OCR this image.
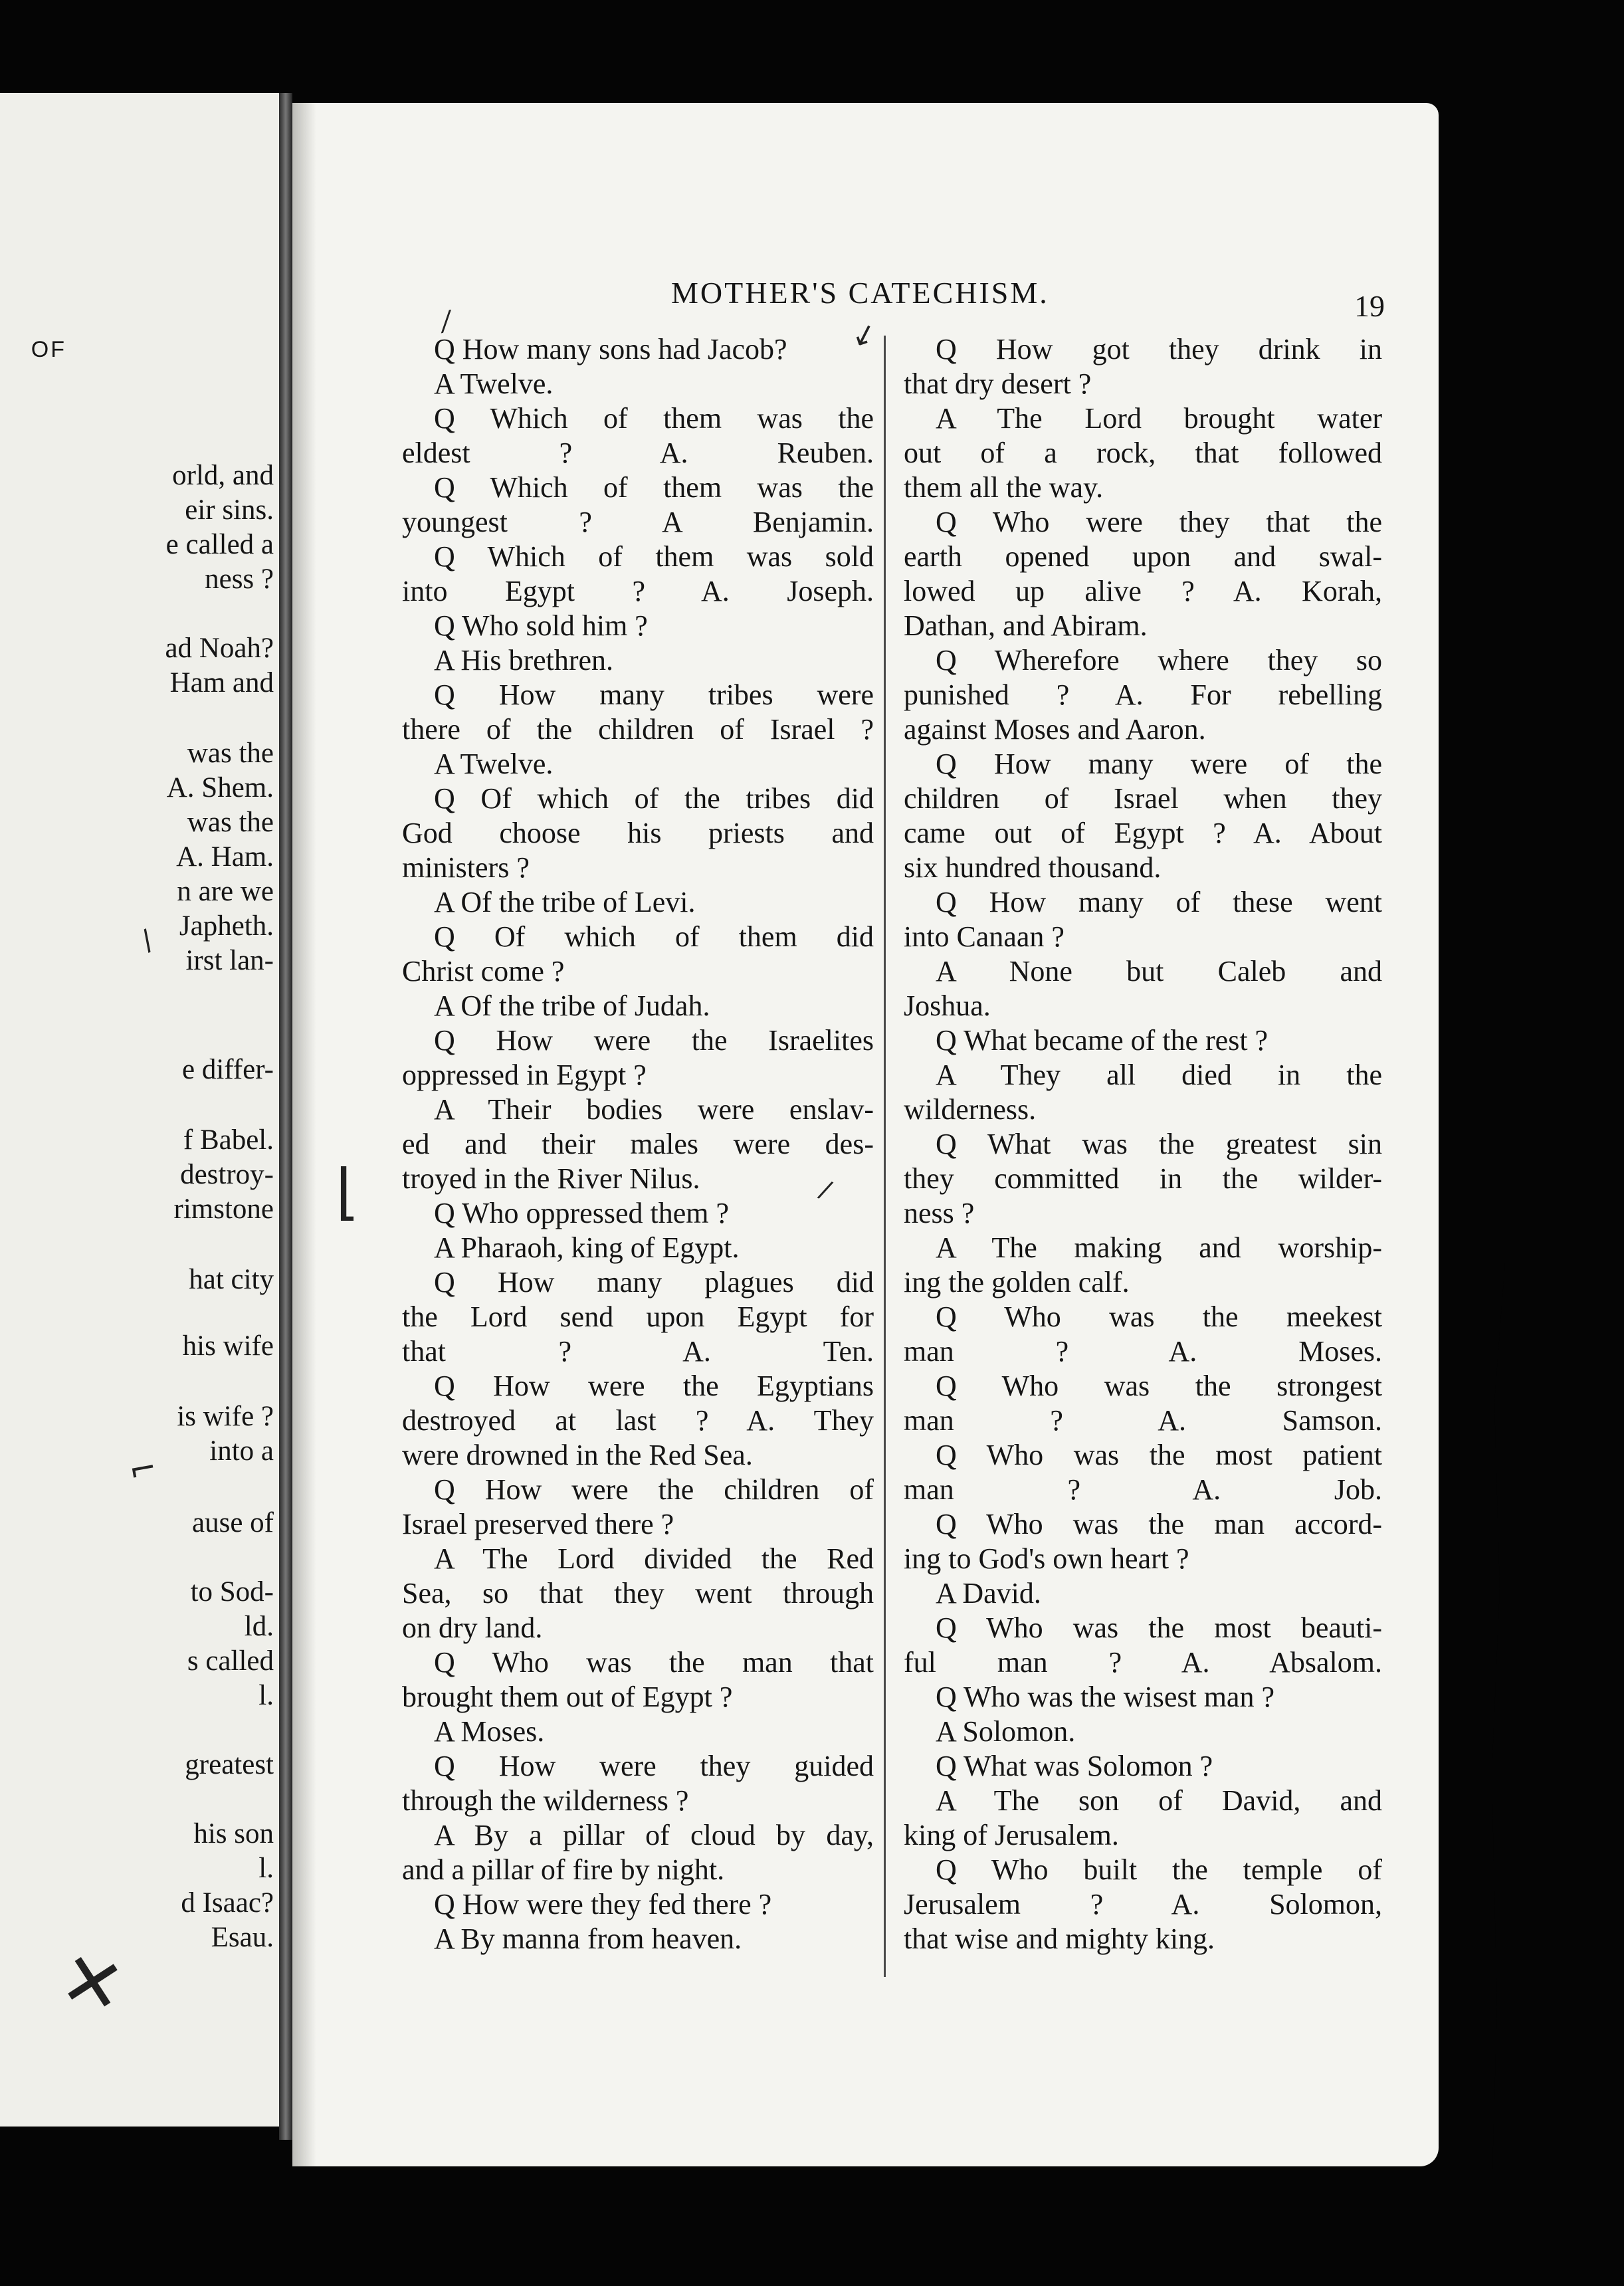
OF
orld, and
eir sins.
e called a
ness ?
ad Noah?
Ham and
was the
A. Shem.
was the
A. Ham.
n are we
Japheth.
irst lan-
e differ-
f Babel.
destroy-
rimstone
hat city
his wife
is wife ?
into a
ause of
to Sod-
ld.
s called
l.
greatest
his son
l.
d Isaac?
Esau.
MOTHER'S CATECHISM.	19
Q How many sons had Jacob?
A Twelve.
Q Which of them was the
eldest ? A. Reuben.
Q Which of them was the
youngest ? A Benjamin.
Q Which of them was sold
into Egypt ? A. Joseph.
Q Who sold him ?
A His brethren.
Q How many tribes were
there of the children of Israel ?
A Twelve.
Q Of which of the tribes did
God choose his priests and
ministers ?
A Of the tribe of Levi.
Q Of which of them did
Christ come ?
A Of the tribe of Judah.
Q How were the Israelites
oppressed in Egypt ?
A Their bodies were enslav-
ed and their males were des-
troyed in the River Nilus.
Q Who oppressed them ?
A Pharaoh, king of Egypt.
Q How many plagues did
the Lord send upon Egypt for
that ? A. Ten.
Q How were the Egyptians
destroyed at last ? A. They
were drowned in the Red Sea.
Q How were the children of
Israel preserved there ?
A The Lord divided the Red
Sea, so that they went through
on dry land.
Q Who was the man that
brought them out of Egypt ?
A Moses.
Q How were they guided
through the wilderness ?
A By a pillar of cloud by day,
and a pillar of fire by night.
Q How were they fed there ?
A By manna from heaven.
Q How got they drink in
that dry desert ?
A The Lord brought water
out of a rock, that followed
them all the way.
Q Who were they that the
earth opened upon and swal-
lowed up alive ? A. Korah,
Dathan, and Abiram.
Q Wherefore where they so
punished ? A. For rebelling
against Moses and Aaron.
Q How many were of the
children of Israel when they
came out of Egypt ? A. About
six hundred thousand.
Q How many of these went
into Canaan ?
A None but Caleb and
Joshua.
Q What became of the rest ?
A They all died in the
wilderness.
Q What was the greatest sin
they committed in the wilder-
ness ?
A The making and worship-
ing the golden calf.
Q Who was the meekest
man ? A. Moses.
Q Who was the strongest
man ? A. Samson.
Q Who was the most patient
man ? A. Job.
Q Who was the man accord-
ing to God's own heart ?
A David.
Q Who was the most beauti-
ful man ? A. Absalom.
Q Who was the wisest man ?
A Solomon.
Q What was Solomon ?
A The son of David, and
king of Jerusalem.
Q Who built the temple of
Jerusalem ? A. Solomon,
that wise and mighty king.
⁄	↙
⌊	/
✕
∕
⌐
